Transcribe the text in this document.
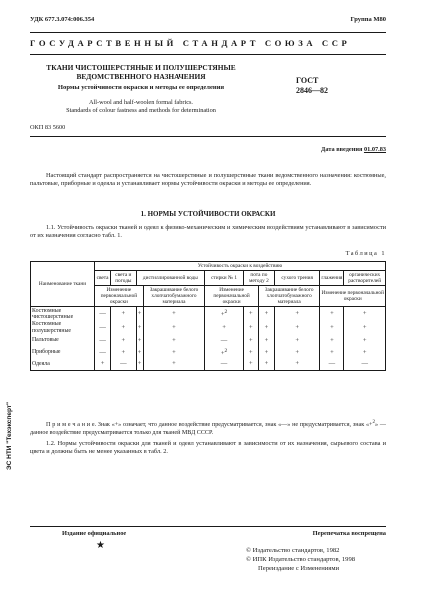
ЭС НТИ "Техэксперт"
УДК 677.3.074:006.354	Группа М80
ГОСУДАРСТВЕННЫЙ СТАНДАРТ СОЮЗА ССР
ТКАНИ ЧИСТОШЕРСТЯНЫЕ И ПОЛУШЕРСТЯНЫЕ
ВЕДОМСТВЕННОГО НАЗНАЧЕНИЯ
Нормы устойчивости окраски и методы ее определения
All-wool and half-woolen formal fabrics.
Standards of colour fastness and methods for determination
ГОСТ
2846—82
ОКП 83 5600
Дата введения 01.07.83
Настоящий стандарт распространяется на чистошерстяные и полушерстяные ткани ведомственного назначения: костюмные, пальтовые, приборные и одеяла и устанавливает нормы устойчивости окраски и методы ее определения.
1. НОРМЫ УСТОЙЧИВОСТИ ОКРАСКИ
1.1. Устойчивость окраски тканей и одеял к физико-механическим и химическим воздействиям устанавливают в зависимости от их назначения согласно табл. 1.
Таблица 1
Наименование ткани	Устойчивость окраски к воздействию									
	света	света и погоды	дистиллированной воды		стирки № 1	пота по методу 2		сухого трения	глажения	органических растворителей
	Изменение первоначальной окраски			Закрашивание белого хлопчатобумажного материала	Изменение первоначальной окраски		Закрашивание белого хлопчатобумажного материала		Изменение первоначальной окраски	
Костюмные чистошерстяные	—	+	+	+	+$^2$	+	+	+	+	+
Костюмные полушерстяные	—	+	+	+	+	+	+	+	+	+
Пальтовые	—	+	+	+	—	+	+	+	+	+
Приборные	—	+	+	+	+$^2$	+	+	+	+	+
Одеяла	+	—	+	+	—	+	+	+	—	—
П р и м е ч а н и е. Знак «+» означает, что данное воздействие предусматривается, знак «—» не предусматривается, знак «+$^2$» — данное воздействие предусматривается только для тканей МВД СССР.
1.2. Нормы устойчивости окраски для тканей и одеял устанавливают в зависимости от их назначения, сырьевого состава и цвета и должны быть не менее указанных в табл. 2.
Издание официальное	Перепечатка воспрещена
★	© Издательство стандартов, 1982
© ИПК Издательство стандартов, 1998
Переиздание с Изменениями
